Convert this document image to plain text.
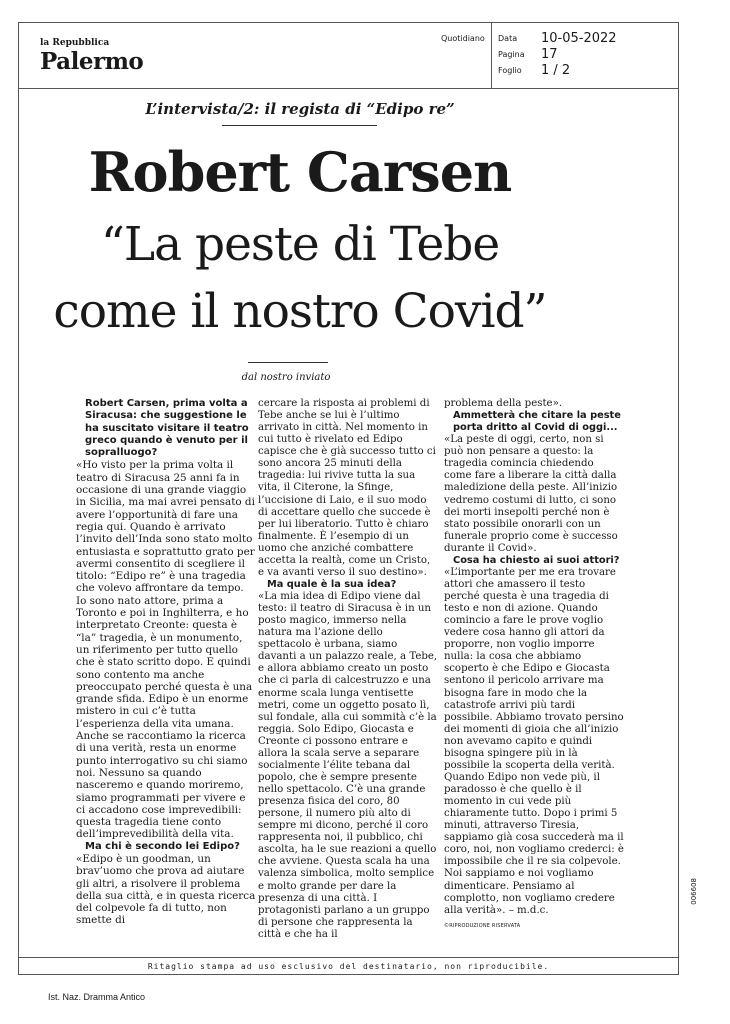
la Repubblica
Palermo
Quotidiano Data 10-05-2022
Pagina 17
Foglio 1 / 2
L’intervista/2: il regista di “Edipo re”
Robert Carsen
“La peste di Tebe
come il nostro Covid”
dal nostro inviato

Robert Carsen, prima volta a Siracusa: che suggestione le ha suscitato visitare il teatro greco quando è venuto per il sopralluogo?

«Ho visto per la prima volta il teatro di Siracusa 25 anni fa in occasione di una grande viaggio in Sicilia, ma mai avrei pensato di avere l’opportunità di fare una regia qui. Quando è arrivato l’invito dell’Inda sono stato molto entusiasta e soprattutto grato per avermi consentito di scegliere il titolo: “Edipo re” è una tragedia che volevo affrontare da tempo. Io sono nato attore, prima a Toronto e poi in Inghilterra, e ho interpretato Creonte: questa è “la” tragedia, è un monumento, un riferimento per tutto quello che è stato scritto dopo. E quindi sono contento ma anche preoccupato perché questa è una grande sfida. Edipo è un enorme mistero in cui c’è tutta l’esperienza della vita umana. Anche se raccontiamo la ricerca di una verità, resta un enorme punto interrogativo su chi siamo noi. Nessuno sa quando nasceremo e quando moriremo, siamo programmati per vivere e ci accadono cose imprevedibili: questa tragedia tiene conto dell’imprevedibilità della vita.

Ma chi è secondo lei Edipo?

«Edipo è un goodman, un brav’uomo che prova ad aiutare gli altri, a risolvere il problema della sua città, e in questa ricerca del colpevole fa di tutto, non smette di

cercare la risposta ai problemi di Tebe anche se lui è l’ultimo arrivato in città. Nel momento in cui tutto è rivelato ed Edipo capisce che è già successo tutto ci sono ancora 25 minuti della tragedia: lui rivive tutta la sua vita, il Citerone, la Sfinge, l’uccisione di Laio, e il suo modo di accettare quello che succede è per lui liberatorio. Tutto è chiaro finalmente. È l’esempio di un uomo che anziché combattere accetta la realtà, come un Cristo, e va avanti verso il suo destino».

Ma quale è la sua idea?

«La mia idea di Edipo viene dal testo: il teatro di Siracusa è in un posto magico, immerso nella natura ma l’azione dello spettacolo è urbana, siamo davanti a un palazzo reale, a Tebe, e allora abbiamo creato un posto che ci parla di calcestruzzo e una enorme scala lunga ventisette metri, come un oggetto posato lì, sul fondale, alla cui sommità c’è la reggia. Solo Edipo, Giocasta e Creonte ci possono entrare e allora la scala serve a separare socialmente l’élite tebana dal popolo, che è sempre presente nello spettacolo. C’è una grande presenza fisica del coro, 80 persone, il numero più alto di sempre mi dicono, perché il coro rappresenta noi, il pubblico, chi ascolta, ha le sue reazioni a quello che avviene. Questa scala ha una valenza simbolica, molto semplice e molto grande per dare la presenza di una città. I protagonisti parlano a un gruppo di persone che rappresenta la città e che ha il

problema della peste».

Ammetterà che citare la peste porta dritto al Covid di oggi...

«La peste di oggi, certo, non si può non pensare a questo: la tragedia comincia chiedendo come fare a liberare la città dalla maledizione della peste. All’inizio vedremo costumi di lutto, ci sono dei morti insepolti perché non è stato possibile onorarli con un funerale proprio come è successo durante il Covid».

Cosa ha chiesto ai suoi attori?

«L’importante per me era trovare attori che amassero il testo perché questa è una tragedia di testo e non di azione. Quando comincio a fare le prove voglio vedere cosa hanno gli attori da proporre, non voglio imporre nulla: la cosa che abbiamo scoperto è che Edipo e Giocasta sentono il pericolo arrivare ma bisogna fare in modo che la catastrofe arrivi più tardi possibile. Abbiamo trovato persino dei momenti di gioia che all’inizio non avevamo capito e quindi bisogna spingere più in là possibile la scoperta della verità. Quando Edipo non vede più, il paradosso è che quello è il momento in cui vede più chiaramente tutto. Dopo i primi 5 minuti, attraverso Tiresia, sappiamo già cosa succederà ma il coro, noi, non vogliamo crederci: è impossibile che il re sia colpevole. Noi sappiamo e noi vogliamo dimenticare. Pensiamo al complotto, non vogliamo credere alla verità». – m.d.c.

©RIPRODUZIONE RISERVATA
006608
Ritaglio stampa ad uso esclusivo del destinatario, non riproducibile.
Ist. Naz. Dramma Antico
